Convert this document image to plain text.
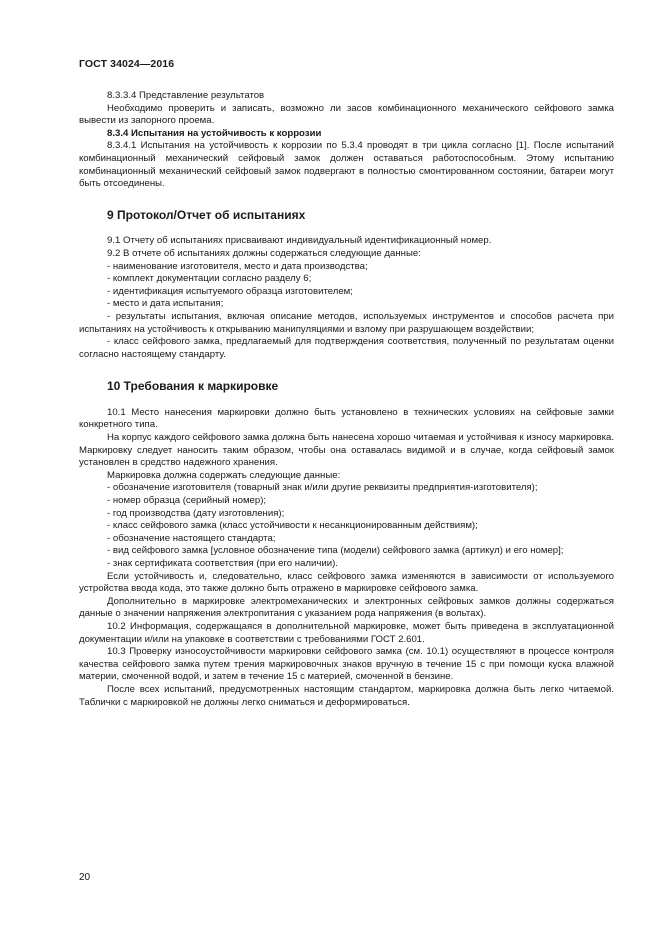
ГОСТ 34024—2016

8.3.3.4 Представление результатов

Необходимо проверить и записать, возможно ли засов комбинационного механического сейфового замка вывести из запорного проема.

8.3.4 Испытания на устойчивость к коррозии

8.3.4.1 Испытания на устойчивость к коррозии по 5.3.4 проводят в три цикла согласно [1]. После испытаний комбинационный механический сейфовый замок должен оставаться работоспособным. Этому испытанию комбинационный механический сейфовый замок подвергают в полностью смонтированном состоянии, батареи могут быть отсоединены.

9 Протокол/Отчет об испытаниях

9.1 Отчету об испытаниях присваивают индивидуальный идентификационный номер.

9.2 В отчете об испытаниях должны содержаться следующие данные:

- наименование изготовителя, место и дата производства;

- комплект документации согласно разделу 6;

- идентификация испытуемого образца изготовителем;

- место и дата испытания;

- результаты испытания, включая описание методов, используемых инструментов и способов расчета при испытаниях на устойчивость к открыванию манипуляциями и взлому при разрушающем воздействии;

- класс сейфового замка, предлагаемый для подтверждения соответствия, полученный по результатам оценки согласно настоящему стандарту.

10 Требования к маркировке

10.1 Место нанесения маркировки должно быть установлено в технических условиях на сейфовые замки конкретного типа.

На корпус каждого сейфового замка должна быть нанесена хорошо читаемая и устойчивая к износу маркировка. Маркировку следует наносить таким образом, чтобы она оставалась видимой и в случае, когда сейфовый замок установлен в средство надежного хранения.

Маркировка должна содержать следующие данные:

- обозначение изготовителя (товарный знак и/или другие реквизиты предприятия-изготовителя);

- номер образца (серийный номер);

- год производства (дату изготовления);

- класс сейфового замка (класс устойчивости к несанкционированным действиям);

- обозначение настоящего стандарта;

- вид сейфового замка [условное обозначение типа (модели) сейфового замка (артикул) и его номер];

- знак сертификата соответствия (при его наличии).

Если устойчивость и, следовательно, класс сейфового замка изменяются в зависимости от используемого устройства ввода кода, это также должно быть отражено в маркировке сейфового замка.

Дополнительно в маркировке электромеханических и электронных сейфовых замков должны содержаться данные о значении напряжения электропитания с указанием рода напряжения (в вольтах).

10.2 Информация, содержащаяся в дополнительной маркировке, может быть приведена в эксплуатационной документации и/или на упаковке в соответствии с требованиями ГОСТ 2.601.

10.3 Проверку износоустойчивости маркировки сейфового замка (см. 10.1) осуществляют в процессе контроля качества сейфового замка путем трения маркировочных знаков вручную в течение 15 с при помощи куска влажной материи, смоченной водой, и затем в течение 15 с материей, смоченной в бензине.

После всех испытаний, предусмотренных настоящим стандартом, маркировка должна быть легко читаемой. Таблички с маркировкой не должны легко сниматься и деформироваться.

20
